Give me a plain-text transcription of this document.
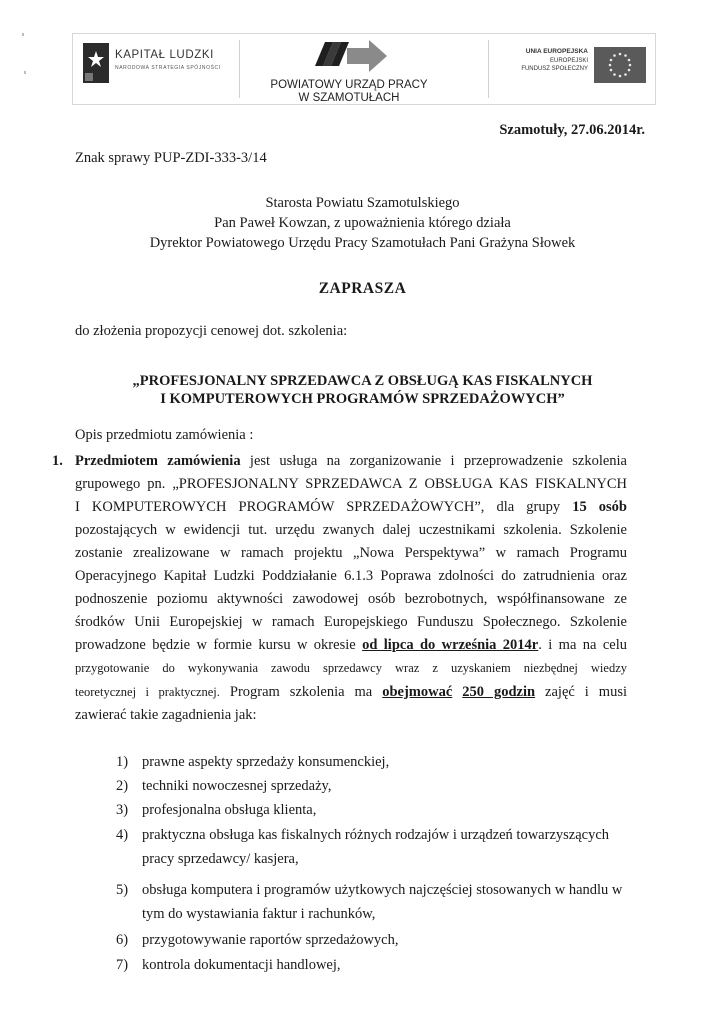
KAPITAŁ LUDZKI
NARODOWA STRATEGIA SPÓJNOŚCI
POWIATOWY URZĄD PRACY
W SZAMOTUŁACH
UNIA EUROPEJSKA
EUROPEJSKI
FUNDUSZ SPOŁECZNY
Szamotuły, 27.06.2014r.
Znak sprawy PUP-ZDI-333-3/14
Starosta Powiatu Szamotulskiego
Pan Paweł Kowzan, z upoważnienia którego działa
Dyrektor Powiatowego Urzędu Pracy Szamotułach Pani Grażyna Słowek
ZAPRASZA
do złożenia propozycji cenowej dot. szkolenia:
„PROFESJONALNY SPRZEDAWCA Z OBSŁUGĄ KAS FISKALNYCH
I KOMPUTEROWYCH PROGRAMÓW SPRZEDAŻOWYCH”
Opis przedmiotu zamówienia :
1. Przedmiotem zamówienia jest usługa na zorganizowanie i przeprowadzenie szkolenia
grupowego pn. „PROFESJONALNY SPRZEDAWCA Z OBSŁUGA KAS FISKALNYCH
I KOMPUTEROWYCH PROGRAMÓW SPRZEDAŻOWYCH”, dla grupy 15 osób
pozostających w ewidencji tut. urzędu zwanych dalej uczestnikami szkolenia. Szkolenie
zostanie zrealizowane w ramach projektu „Nowa Perspektywa” w ramach Programu
Operacyjnego Kapitał Ludzki Poddziałanie 6.1.3 Poprawa zdolności do zatrudnienia oraz
podnoszenie poziomu aktywności zawodowej osób bezrobotnych, współfinansowane ze
środków Unii Europejskiej w ramach Europejskiego Funduszu Społecznego. Szkolenie
prowadzone będzie w formie kursu w okresie od lipca do września 2014r. i ma na celu
przygotowanie do wykonywania zawodu sprzedawcy wraz z uzyskaniem niezbędnej wiedzy
teoretycznej i praktycznej. Program szkolenia ma obejmować 250 godzin zajęć i musi
zawierać takie zagadnienia jak:
1) prawne aspekty sprzedaży konsumenckiej,
2) techniki nowoczesnej sprzedaży,
3) profesjonalna obsługa klienta,
4) praktyczna obsługa kas fiskalnych różnych rodzajów i urządzeń towarzyszących
pracy sprzedawcy/ kasjera,
5) obsługa komputera i programów użytkowych najczęściej stosowanych w handlu w
tym do wystawiania faktur i rachunków,
6) przygotowywanie raportów sprzedażowych,
7) kontrola dokumentacji handlowej,
